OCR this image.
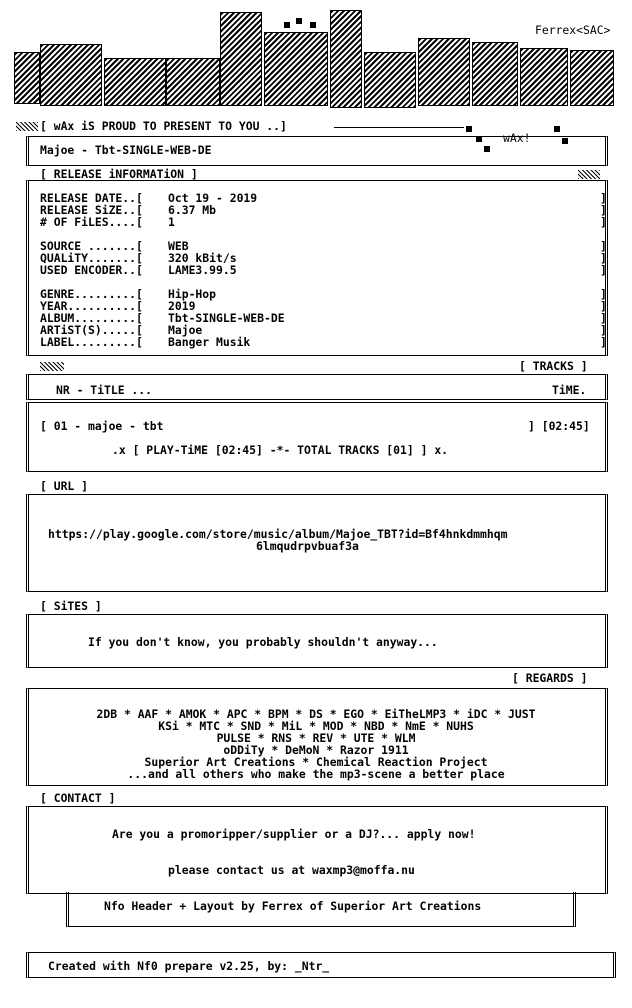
Ferrex<SAC>
wAx!
[ wAx iS PROUD TO PRESENT TO YOU ..]
Majoe - Tbt-SINGLE-WEB-DE
[ RELEASE iNFORMATiON ]
RELEASE DATE..[ Oct 19 - 2019	]
RELEASE SiZE..[ 6.37 Mb	]
# OF FiLES....[ 1	]
SOURCE .......[ WEB	]
QUALiTY.......[ 320 kBit/s	]
USED ENCODER..[ LAME3.99.5	]
GENRE.........[ Hip-Hop	]
YEAR..........[ 2019	]
ALBUM.........[ Tbt-SINGLE-WEB-DE	]
ARTiST(S).....[ Majoe	]
LABEL.........[ Banger Musik	]
[ TRACKS ]
NR - TiTLE ...	TiME.
[ 01 - majoe - tbt	] [02:45]
.x [ PLAY-TiME [02:45] -*- TOTAL TRACKS [01] ] x.
[ URL ]
https://play.google.com/store/music/album/Majoe_TBT?id=Bf4hnkdmmhqm
6lmqudrpvbuaf3a
[ SiTES ]
If you don't know, you probably shouldn't anyway...
[ REGARDS ]
2DB * AAF * AMOK * APC * BPM * DS * EGO * EiTheLMP3 * iDC * JUST
KSi * MTC * SND * MiL * MOD * NBD * NmE * NUHS
PULSE * RNS * REV * UTE * WLM
oDDiTy * DeMoN * Razor 1911
Superior Art Creations * Chemical Reaction Project
...and all others who make the mp3-scene a better place
[ CONTACT ]
Are you a promoripper/supplier or a DJ?... apply now!
please contact us at waxmp3@moffa.nu
Nfo Header + Layout by Ferrex of Superior Art Creations
Created with Nf0 prepare v2.25, by: _Ntr_
